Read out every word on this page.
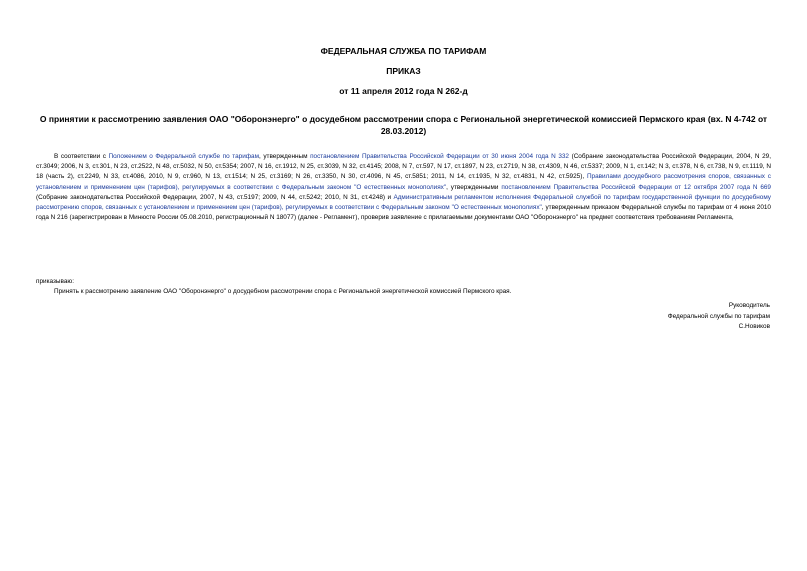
ФЕДЕРАЛЬНАЯ СЛУЖБА ПО ТАРИФАМ
ПРИКАЗ
от 11 апреля 2012 года N 262-д
О принятии к рассмотрению заявления ОАО "Оборонэнерго" о досудебном рассмотрении спора с Региональной энергетической комиссией Пермского края (вх. N 4-742 от 28.03.2012)
В соответствии с Положением о Федеральной службе по тарифам, утвержденным постановлением Правительства Российской Федерации от 30 июня 2004 года N 332 (Собрание законодательства Российской Федерации, 2004, N 29, ст.3049; 2006, N 3, ст.301, N 23, ст.2522, N 48, ст.5032, N 50, ст.5354; 2007, N 16, ст.1912, N 25, ст.3039, N 32, ст.4145; 2008, N 7, ст.597, N 17, ст.1897, N 23, ст.2719, N 38, ст.4309, N 46, ст.5337; 2009, N 1, ст.142; N 3, ст.378, N 6, ст.738, N 9, ст.1119, N 18 (часть 2), ст.2249, N 33, ст.4086, 2010, N 9, ст.960, N 13, ст.1514; N 25, ст.3169; N 26, ст.3350, N 30, ст.4096, N 45, ст.5851; 2011, N 14, ст.1935, N 32, ст.4831, N 42, ст.5925), Правилами досудебного рассмотрения споров, связанных с установлением и применением цен (тарифов), регулируемых в соответствии с Федеральным законом "О естественных монополиях", утвержденными постановлением Правительства Российской Федерации от 12 октября 2007 года N 669 (Собрание законодательства Российской Федерации, 2007, N 43, ст.5197; 2009, N 44, ст.5242; 2010, N 31, ст.4248) и Административным регламентом исполнения Федеральной службой по тарифам государственной функции по досудебному рассмотрению споров, связанных с установлением и применением цен (тарифов), регулируемых в соответствии с Федеральным законом "О естественных монополиях", утвержденным приказом Федеральной службы по тарифам от 4 июня 2010 года N 216 (зарегистрирован в Минюсте России 05.08.2010, регистрационный N 18077) (далее - Регламент), проверив заявление с прилагаемыми документами ОАО "Оборонэнерго" на предмет соответствия требованиям Регламента,
приказываю:
Принять к рассмотрению заявление ОАО "Оборонэнерго" о досудебном рассмотрении спора с Региональной энергетической комиссией Пермского края.
Руководитель
Федеральной службы по тарифам
С.Новиков
